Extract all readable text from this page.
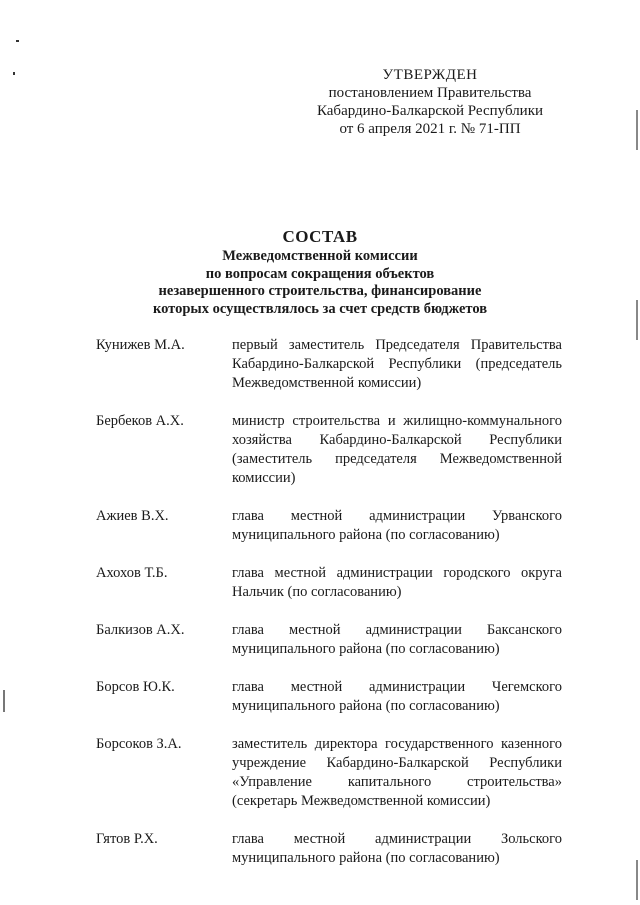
УТВЕРЖДЕН
постановлением Правительства
Кабардино-Балкарской Республики
от 6 апреля 2021 г. № 71-ПП
СОСТАВ
Межведомственной комиссии
по вопросам сокращения объектов
незавершенного строительства, финансирование
которых осуществлялось за счет средств бюджетов
Кунижев М.А.	первый заместитель Председателя Правительства Кабардино-Балкарской Республики (председатель Межведомственной комиссии)
Бербеков А.Х.	министр строительства и жилищно-коммунального хозяйства Кабардино-Балкарской Республики (заместитель председателя Межведомственной комиссии)
Ажиев В.Х.	глава местной администрации Урванского муниципального района (по согласованию)
Ахохов Т.Б.	глава местной администрации городского округа Нальчик (по согласованию)
Балкизов А.Х.	глава местной администрации Баксанского муниципального района (по согласованию)
Борсов Ю.К.	глава местной администрации Чегемского муниципального района (по согласованию)
Борсоков З.А.	заместитель директора государственного казенного учреждение Кабардино-Балкарской Республики «Управление капитального строительства» (секретарь Межведомственной комиссии)
Гятов Р.Х.	глава местной администрации Зольского муниципального района (по согласованию)
